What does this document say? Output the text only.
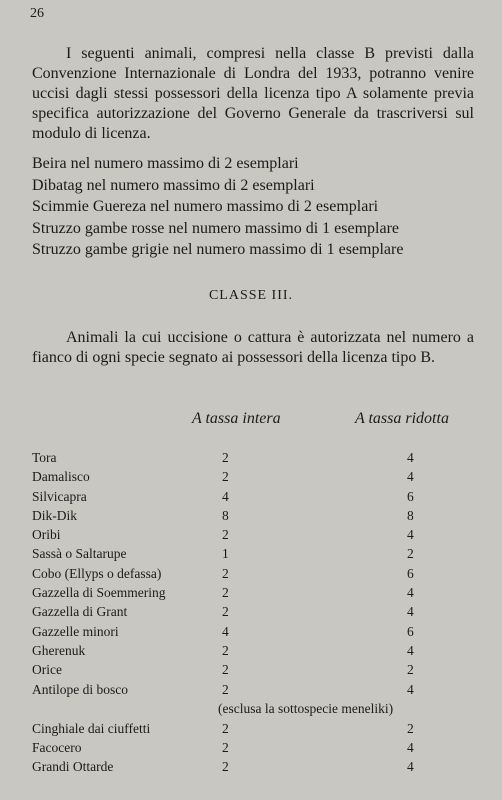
26
I seguenti animali, compresi nella classe B previsti dalla Convenzione Internazionale di Londra del 1933, potranno venire uccisi dagli stessi possessori della licenza tipo A solamente previa specifica autorizzazione del Governo Generale da trascriversi sul modulo di licenza.
Beira nel numero massimo di 2 esemplari
Dibatag nel numero massimo di 2 esemplari
Scimmie Guereza nel numero massimo di 2 esemplari
Struzzo gambe rosse nel numero massimo di 1 esemplare
Struzzo gambe grigie nel numero massimo di 1 esemplare
CLASSE III.
Animali la cui uccisione o cattura è autorizzata nel numero a fianco di ogni specie segnato ai possessori della licenza tipo B.
A tassa intera	A tassa ridotta
Tora	2	4
Damalisco	2	4
Silvicapra	4	6
Dik-Dik	8	8
Oribi	2	4
Sassà o Saltarupe	1	2
Cobo (Ellyps o defassa)	2	6
Gazzella di Soemmering	2	4
Gazzella di Grant	2	4
Gazzelle minori	4	6
Gherenuk	2	4
Orice	2	2
Antilope di bosco	2	4
(esclusa la sottospecie meneliki)
Cinghiale dai ciuffetti	2	2
Facocero	2	4
Grandi Ottarde	2	4
